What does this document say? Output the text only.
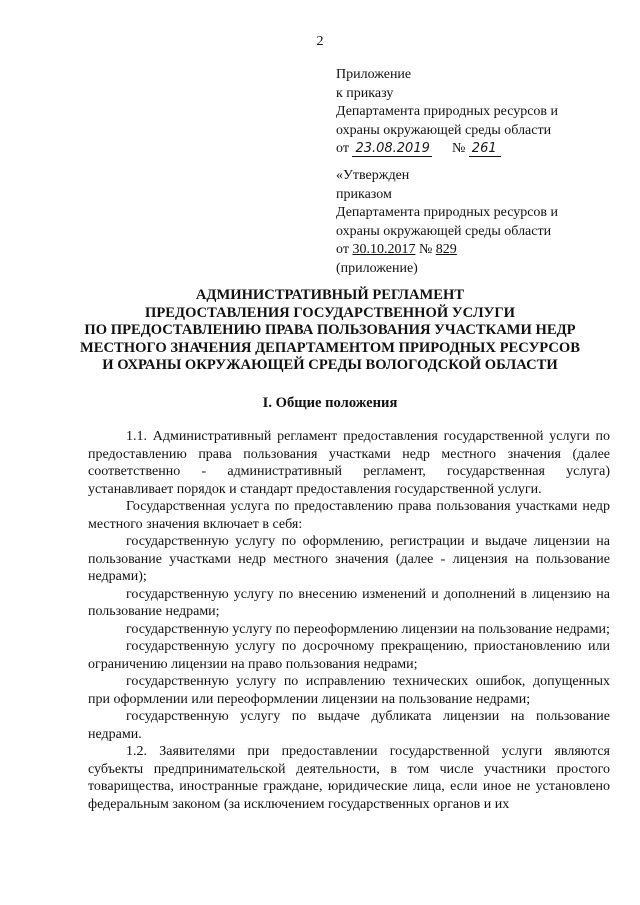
2
Приложение
к приказу
Департамента природных ресурсов и
охраны окружающей среды области
от 23.08.2019 № 261
«Утвержден
приказом
Департамента природных ресурсов и
охраны окружающей среды области
от 30.10.2017 № 829
(приложение)
АДМИНИСТРАТИВНЫЙ РЕГЛАМЕНТ
ПРЕДОСТАВЛЕНИЯ ГОСУДАРСТВЕННОЙ УСЛУГИ
ПО ПРЕДОСТАВЛЕНИЮ ПРАВА ПОЛЬЗОВАНИЯ УЧАСТКАМИ НЕДР
МЕСТНОГО ЗНАЧЕНИЯ ДЕПАРТАМЕНТОМ ПРИРОДНЫХ РЕСУРСОВ
И ОХРАНЫ ОКРУЖАЮЩЕЙ СРЕДЫ ВОЛОГОДСКОЙ ОБЛАСТИ
I. Общие положения

1.1. Административный регламент предоставления государственной услуги по предоставлению права пользования участками недр местного значения (далее соответственно - административный регламент, государственная услуга) устанавливает порядок и стандарт предоставления государственной услуги.

Государственная услуга по предоставлению права пользования участками недр местного значения включает в себя:

государственную услугу по оформлению, регистрации и выдаче лицензии на пользование участками недр местного значения (далее - лицензия на пользование недрами);

государственную услугу по внесению изменений и дополнений в лицензию на пользование недрами;

государственную услугу по переоформлению лицензии на пользование недрами;

государственную услугу по досрочному прекращению, приостановлению или ограничению лицензии на право пользования недрами;

государственную услугу по исправлению технических ошибок, допущенных при оформлении или переоформлении лицензии на пользование недрами;

государственную услугу по выдаче дубликата лицензии на пользование недрами.

1.2. Заявителями при предоставлении государственной услуги являются субъекты предпринимательской деятельности, в том числе участники простого товарищества, иностранные граждане, юридические лица, если иное не установлено федеральным законом (за исключением государственных органов и их
